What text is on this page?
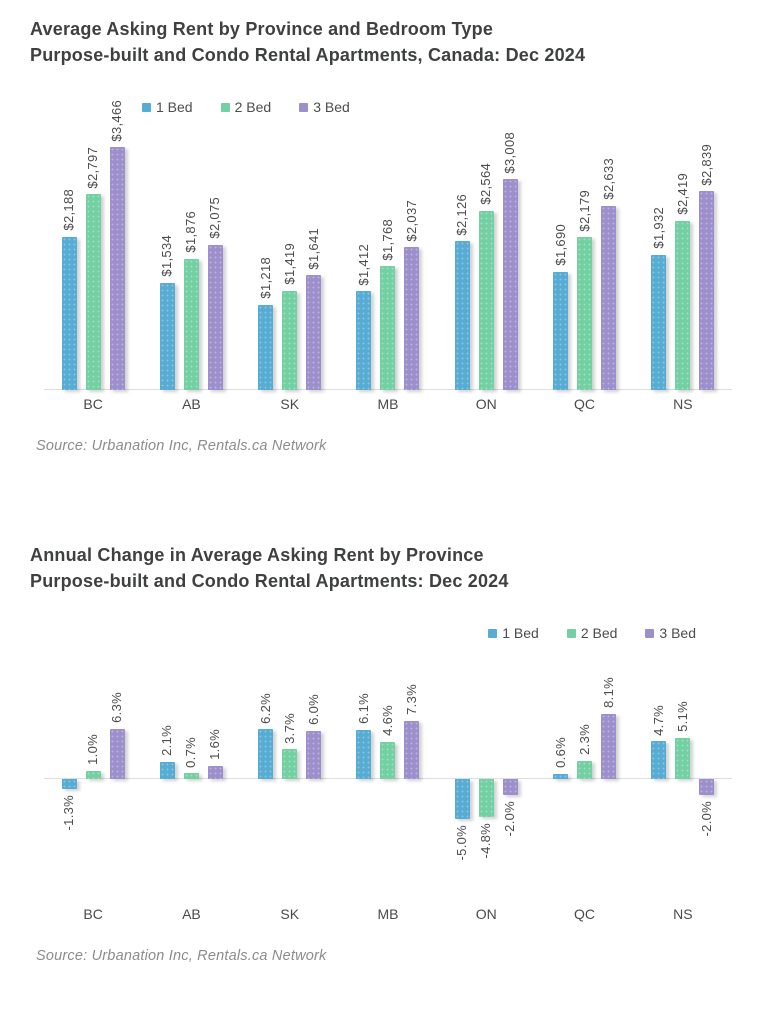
Average Asking Rent by Province and Bedroom Type
Purpose-built and Condo Rental Apartments, Canada: Dec 2024
1 Bed	2 Bed	3 Bed
$2,188
$2,797
$3,466
$1,534
$1,876 $2,075
$1,218 $1,419 $1,641	$1,412
$1,768 $2,037	$2,126
$2,564
$3,008
$1,690
$2,179
$2,633
$1,932
$2,419
$2,839
BC	AB	SK	MB	ON	QC	NS

Source: Urbanation Inc, Rentals.ca Network

Annual Change in Average Asking Rent by Province
Purpose-built and Condo Rental Apartments: Dec 2024
1 Bed	2 Bed	3 Bed
-1.3%
1.0%
6.3%
2.1% 0.7% 1.6%
6.2%
3.7%
6.0%	6.1% 4.6%
7.3%
-5.0% -4.8%
-2.0%
0.6% 2.3%
8.1%
4.7% 5.1%
-2.0%
BC	AB	SK	MB	ON	QC	NS

Source: Urbanation Inc, Rentals.ca Network
